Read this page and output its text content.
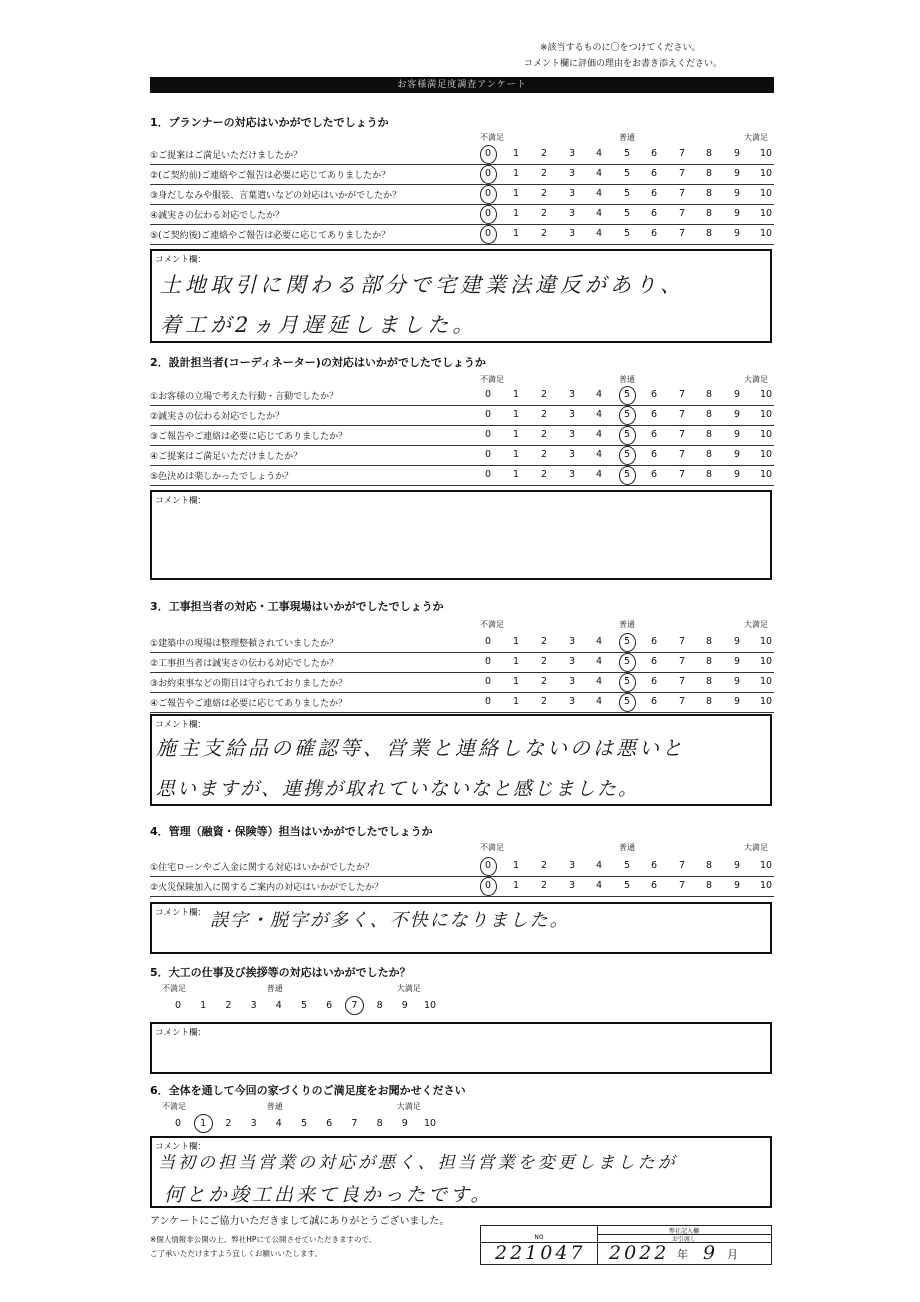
※該当するものに〇をつけてください。
コメント欄に評価の理由をお書き添えください。
お客様満足度調査アンケート
1．プランナーの対応はいかがでしたでしょうか
不満足	普通	大満足
①ご提案はご満足いただけましたか？	0	1	2	3	4	5	6	7	8	9	10
②(ご契約前)ご連絡やご報告は必要に応じてありましたか？	0	1	2	3	4	5	6	7	8	9	10
③身だしなみや服装、言葉遣いなどの対応はいかがでしたか？	0	1	2	3	4	5	6	7	8	9	10
④誠実さの伝わる対応でしたか？	0	1	2	3	4	5	6	7	8	9	10
⑤(ご契約後)ご連絡やご報告は必要に応じてありましたか？	0	1	2	3	4	5	6	7	8	9	10
コメント欄：
土地取引に関わる部分で宅建業法違反があり、
着工が2ヵ月遅延しました。
2．設計担当者(コーディネーター)の対応はいかがでしたでしょうか
不満足	普通	大満足
①お客様の立場で考えた行動・言動でしたか？	0	1	2	3	4	5	6	7	8	9	10
②誠実さの伝わる対応でしたか？	0	1	2	3	4	5	6	7	8	9	10
③ご報告やご連絡は必要に応じてありましたか？	0	1	2	3	4	5	6	7	8	9	10
④ご提案はご満足いただけましたか？	0	1	2	3	4	5	6	7	8	9	10
⑤色決めは楽しかったでしょうか？	0	1	2	3	4	5	6	7	8	9	10
コメント欄：
3．工事担当者の対応・工事現場はいかがでしたでしょうか
不満足	普通	大満足
①建築中の現場は整理整頓されていましたか？	0	1	2	3	4	5	6	7	8	9	10
②工事担当者は誠実さの伝わる対応でしたか？	0	1	2	3	4	5	6	7	8	9	10
③お約束事などの期日は守られておりましたか？	0	1	2	3	4	5	6	7	8	9	10
④ご報告やご連絡は必要に応じてありましたか？	0	1	2	3	4	5	6	7	8	9	10
コメント欄：
施主支給品の確認等、営業と連絡しないのは悪いと
思いますが、連携が取れていないなと感じました。
4．管理（融資・保険等）担当はいかがでしたでしょうか
不満足	普通	大満足
①住宅ローンやご入金に関する対応はいかがでしたか？	0	1	2	3	4	5	6	7	8	9	10
②火災保険加入に関するご案内の対応はいかがでしたか？	0	1	2	3	4	5	6	7	8	9	10
コメント欄： 誤字・脱字が多く、不快になりました。
5．大工の仕事及び挨拶等の対応はいかがでしたか？
不満足	普通	大満足
0	1	2	3	4	5	6	7	8	9	10
コメント欄：
6．全体を通して今回の家づくりのご満足度をお聞かせください
不満足	普通	大満足
0	1	2	3	4	5	6	7	8	9	10
コメント欄：
当初の担当営業の対応が悪く、担当営業を変更しましたが
何とか竣工出来て良かったです。
アンケートにご協力いただきまして誠にありがとうございました。
※個人情報非公開の上、弊社HPにて公開させていただきますので、
ご了承いただけますよう宜しくお願いいたします。
弊社記入欄
NO	お引渡し
221047 2022 年 9 月
